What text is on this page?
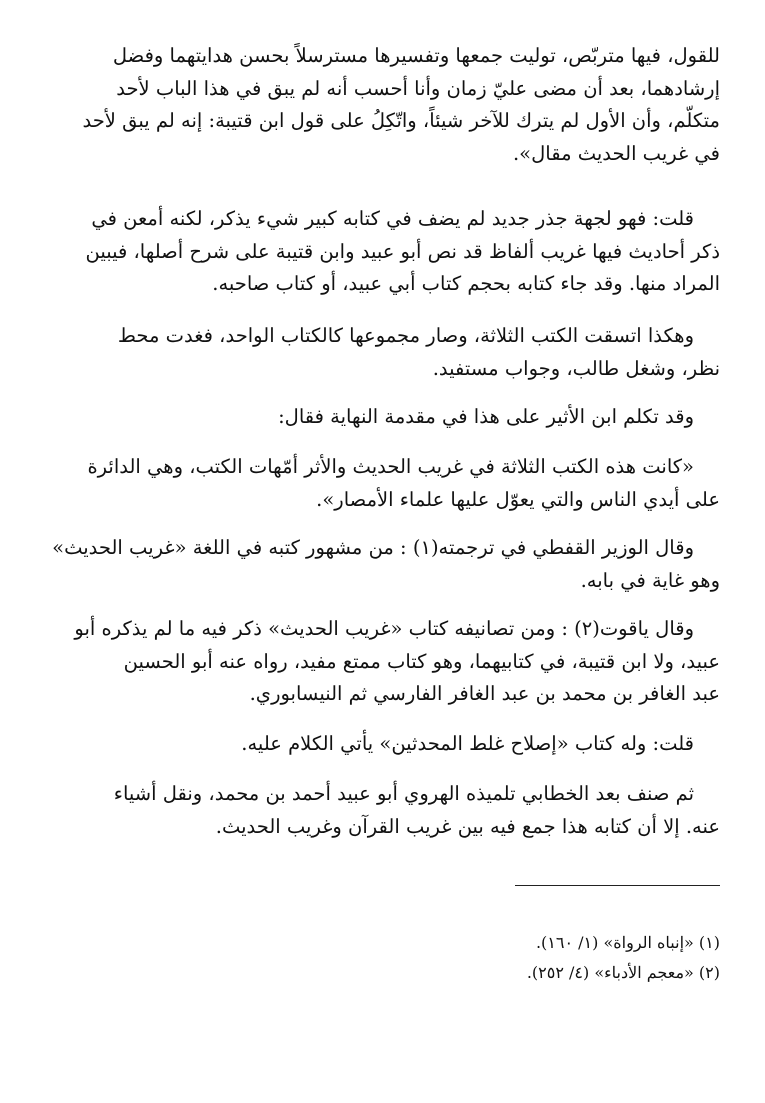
للقول، فيها متربّص، توليت جمعها وتفسيرها مسترسلاً بحسن هدايتهما وفضل
إرشادهما، بعد أن مضى عليّ زمان وأنا أحسب أنه لم يبق في هذا الباب لأحد
متكلّم، وأن الأول لم يترك للآخر شيئاً، واتّكِلُ على قول ابن قتيبة: إنه لم يبق لأحد
في غريب الحديث مقال».

قلت: فهو لجهة جذر جديد لم يضف في كتابه كبير شيء يذكر، لكنه أمعن في
ذكر أحاديث فيها غريب ألفاظ قد نص أبو عبيد وابن قتيبة على شرح أصلها، فيبين
المراد منها. وقد جاء كتابه بحجم كتاب أبي عبيد، أو كتاب صاحبه.

وهكذا اتسقت الكتب الثلاثة، وصار مجموعها كالكتاب الواحد، فغدت محط
نظر، وشغل طالب، وجواب مستفيد.

وقد تكلم ابن الأثير على هذا في مقدمة النهاية فقال:

«كانت هذه الكتب الثلاثة في غريب الحديث والأثر أمّهات الكتب، وهي الدائرة
على أيدي الناس والتي يعوّل عليها علماء الأمصار».

وقال الوزير القفطي في ترجمته(١) : من مشهور كتبه في اللغة «غريب الحديث»
وهو غاية في بابه.

وقال ياقوت(٢) : ومن تصانيفه كتاب «غريب الحديث» ذكر فيه ما لم يذكره أبو
عبيد، ولا ابن قتيبة، في كتابيهما، وهو كتاب ممتع مفيد، رواه عنه أبو الحسين
عبد الغافر بن محمد بن عبد الغافر الفارسي ثم النيسابوري.

قلت: وله كتاب «إصلاح غلط المحدثين» يأتي الكلام عليه.

ثم صنف بعد الخطابي تلميذه الهروي أبو عبيد أحمد بن محمد، ونقل أشياء
عنه. إلا أن كتابه هذا جمع فيه بين غريب القرآن وغريب الحديث.

(١) «إنباه الرواة» (١/ ١٦٠).

(٢) «معجم الأدباء» (٤/ ٢٥٢).
